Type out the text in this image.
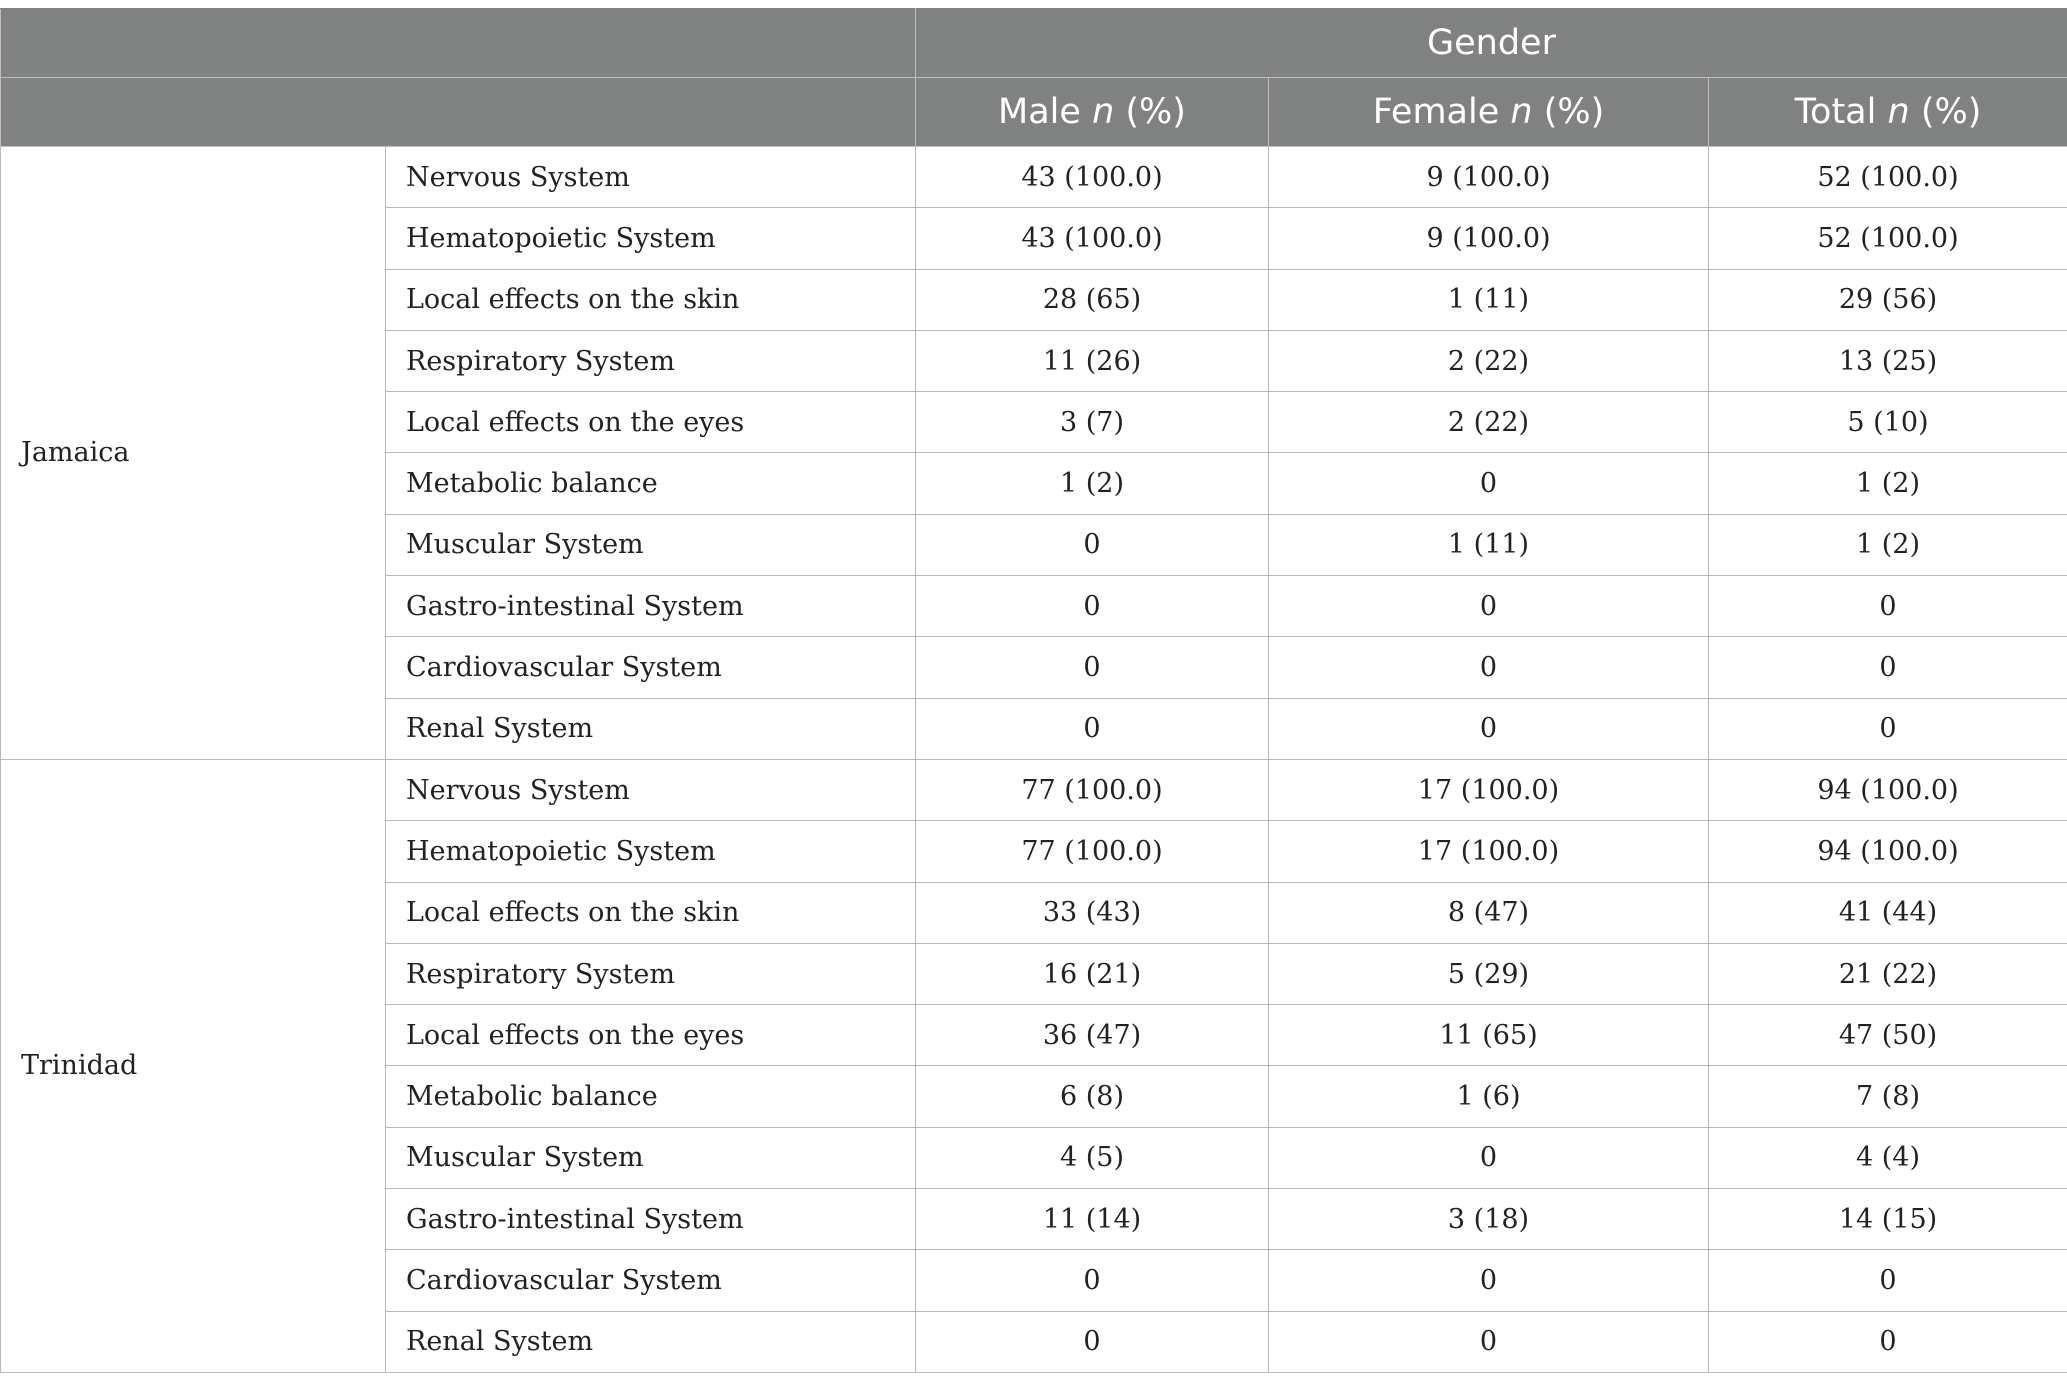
		Gender		
		Male n (%)	Female n (%)	Total n (%)
Jamaica	Nervous System	43 (100.0)	9 (100.0)	52 (100.0)
	Hematopoietic System	43 (100.0)	9 (100.0)	52 (100.0)
	Local effects on the skin	28 (65)	1 (11)	29 (56)
	Respiratory System	11 (26)	2 (22)	13 (25)
	Local effects on the eyes	3 (7)	2 (22)	5 (10)
	Metabolic balance	1 (2)	0	1 (2)
	Muscular System	0	1 (11)	1 (2)
	Gastro-intestinal System	0	0	0
	Cardiovascular System	0	0	0
	Renal System	0	0	0
Trinidad	Nervous System	77 (100.0)	17 (100.0)	94 (100.0)
	Hematopoietic System	77 (100.0)	17 (100.0)	94 (100.0)
	Local effects on the skin	33 (43)	8 (47)	41 (44)
	Respiratory System	16 (21)	5 (29)	21 (22)
	Local effects on the eyes	36 (47)	11 (65)	47 (50)
	Metabolic balance	6 (8)	1 (6)	7 (8)
	Muscular System	4 (5)	0	4 (4)
	Gastro-intestinal System	11 (14)	3 (18)	14 (15)
	Cardiovascular System	0	0	0
	Renal System	0	0	0
